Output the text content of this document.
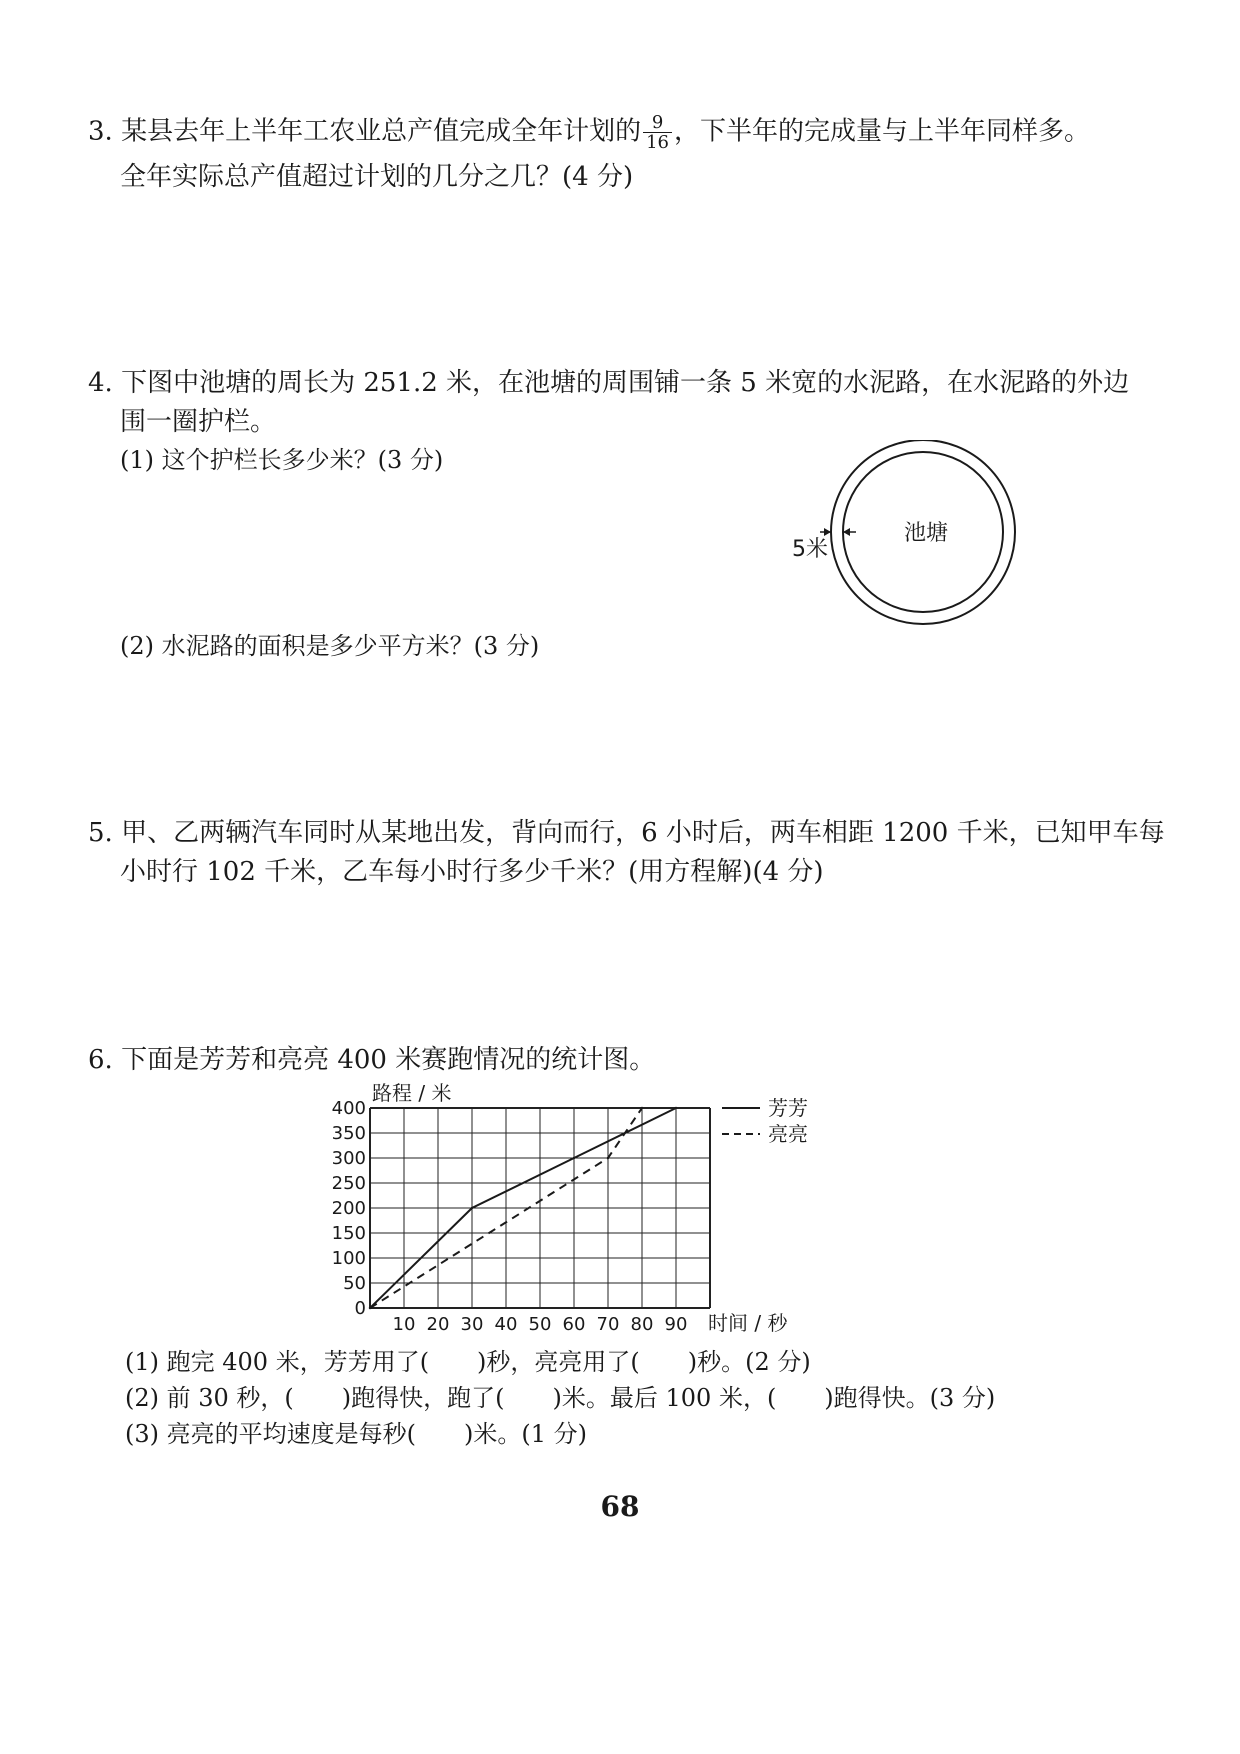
3. 某县去年上半年工农业总产值完成全年计划的 $\frac{9}{16}$ ，下半年的完成量与上半年同样多。
全年实际总产值超过计划的几分之几？(4 分)
4. 下图中池塘的周长为 251.2 米，在池塘的周围铺一条 5 米宽的水泥路，在水泥路的外边
围一圈护栏。
(1) 这个护栏长多少米？(3 分)
(2) 水泥路的面积是多少平方米？(3 分)
5米
池塘
5. 甲、乙两辆汽车同时从某地出发，背向而行，6 小时后，两车相距 1200 千米，已知甲车每
小时行 102 千米，乙车每小时行多少千米？(用方程解)(4 分)
6. 下面是芳芳和亮亮 400 米赛跑情况的统计图。
0
50
100
150
200
250
300
350
400
10 20 30 40 50 60 70 80 90
路程 / 米
时间 / 秒
芳芳
亮亮
(1) 跑完 400 米，芳芳用了(　　)秒，亮亮用了(　　)秒。(2 分)
(2) 前 30 秒，(　　)跑得快，跑了(　　)米。最后 100 米，(　　)跑得快。(3 分)
(3) 亮亮的平均速度是每秒(　　)米。(1 分)
68
